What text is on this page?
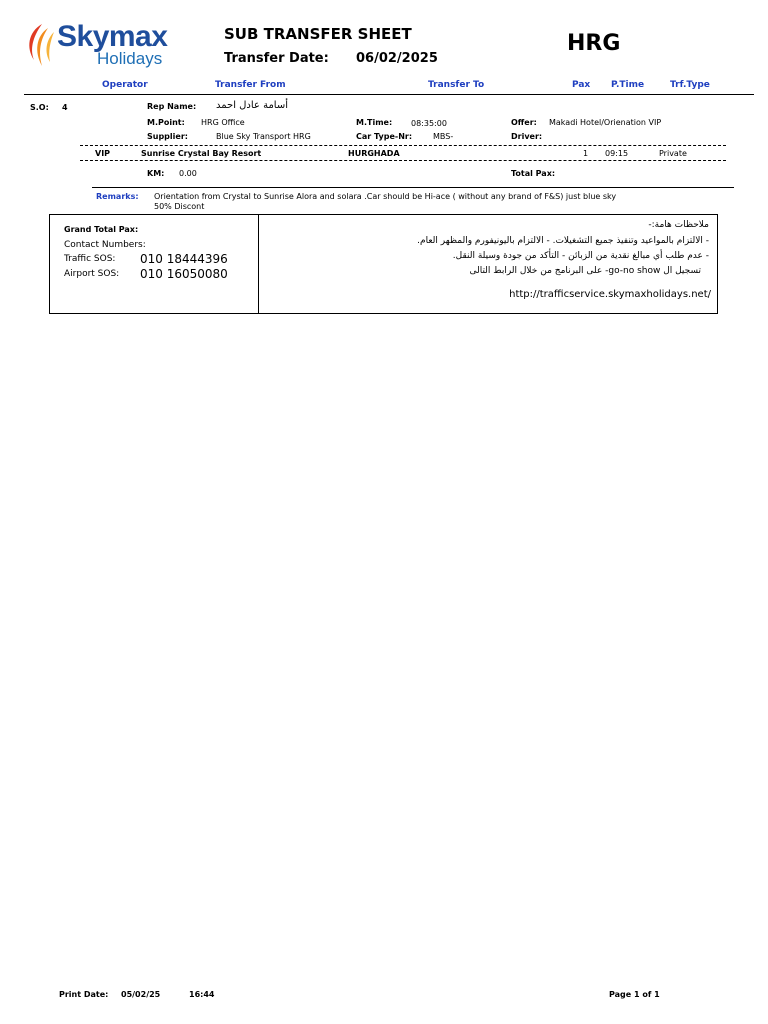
Skymax
Holidays
SUB TRANSFER SHEET
Transfer Date: 06/02/2025
HRG
Operator	Transfer From	Transfer To	Pax P.Time	Trf.Type
S.O: 4	Rep Name: أسامة عادل احمد
M.Point: HRG Office	M.Time: 08:35:00	Offer: Makadi Hotel/Orienation VIP
Supplier:	Blue Sky Transport HRG	Car Type-Nr:	MBS-	Driver:
VIP	Sunrise Crystal Bay Resort	HURGHADA	1 09:15	Private
KM: 0.00	Total Pax:
Remarks: Orientation from Crystal to Sunrise Alora and solara .Car should be Hi-ace ( without any brand of F&S) just blue sky
50% Discont
Grand Total Pax:
Contact Numbers:
Traffic SOS: 010 18444396
Airport SOS: 010 16050080
ملاحظات هامة:-
- الالتزام بالمواعيد وتنفيذ جميع التشغيلات. - الالتزام باليونيفورم والمظهر العام.
- عدم طلب أي مبالغ نقدية من الزبائن - التأكد من جودة وسيلة النقل.
تسجيل ال go-no show- على البرنامج من خلال الرابط التالى
http://trafficservice.skymaxholidays.net/
Print Date: 05/02/25	16:44	Page 1 of 1
